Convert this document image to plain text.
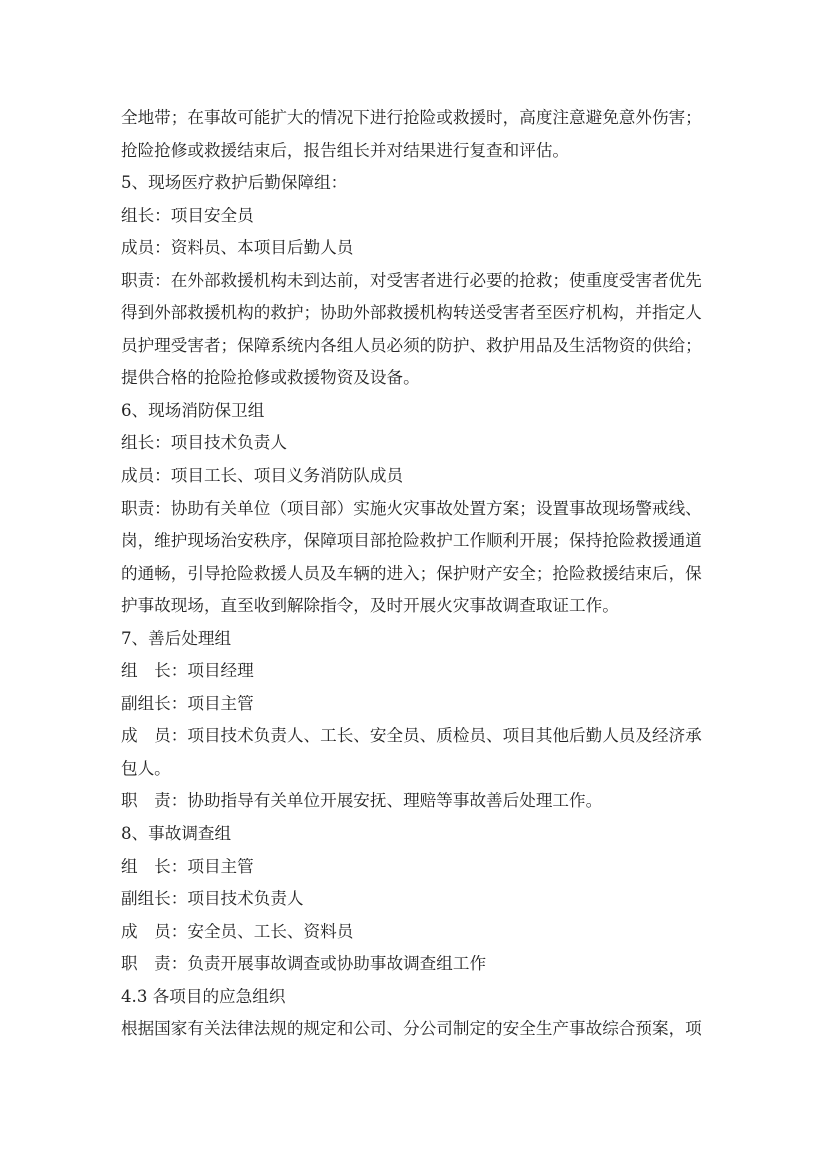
全地带；在事故可能扩大的情况下进行抢险或救援时，高度注意避免意外伤害；
抢险抢修或救援结束后，报告组长并对结果进行复查和评估。
5、现场医疗救护后勤保障组：
组长：项目安全员
成员：资料员、本项目后勤人员
职责：在外部救援机构未到达前，对受害者进行必要的抢救；使重度受害者优先
得到外部救援机构的救护；协助外部救援机构转送受害者至医疗机构，并指定人
员护理受害者；保障系统内各组人员必须的防护、救护用品及生活物资的供给；
提供合格的抢险抢修或救援物资及设备。
6、现场消防保卫组
组长：项目技术负责人
成员：项目工长、项目义务消防队成员
职责：协助有关单位（项目部）实施火灾事故处置方案；设置事故现场警戒线、
岗，维护现场治安秩序，保障项目部抢险救护工作顺利开展；保持抢险救援通道
的通畅，引导抢险救援人员及车辆的进入；保护财产安全；抢险救援结束后，保
护事故现场，直至收到解除指令，及时开展火灾事故调查取证工作。
7、善后处理组
组　长：项目经理
副组长：项目主管
成　员：项目技术负责人、工长、安全员、质检员、项目其他后勤人员及经济承
包人。
职　责：协助指导有关单位开展安抚、理赔等事故善后处理工作。
8、事故调查组
组　长：项目主管
副组长：项目技术负责人
成　员：安全员、工长、资料员
职　责：负责开展事故调查或协助事故调查组工作
4.3 各项目的应急组织
根据国家有关法律法规的规定和公司、分公司制定的安全生产事故综合预案，项
